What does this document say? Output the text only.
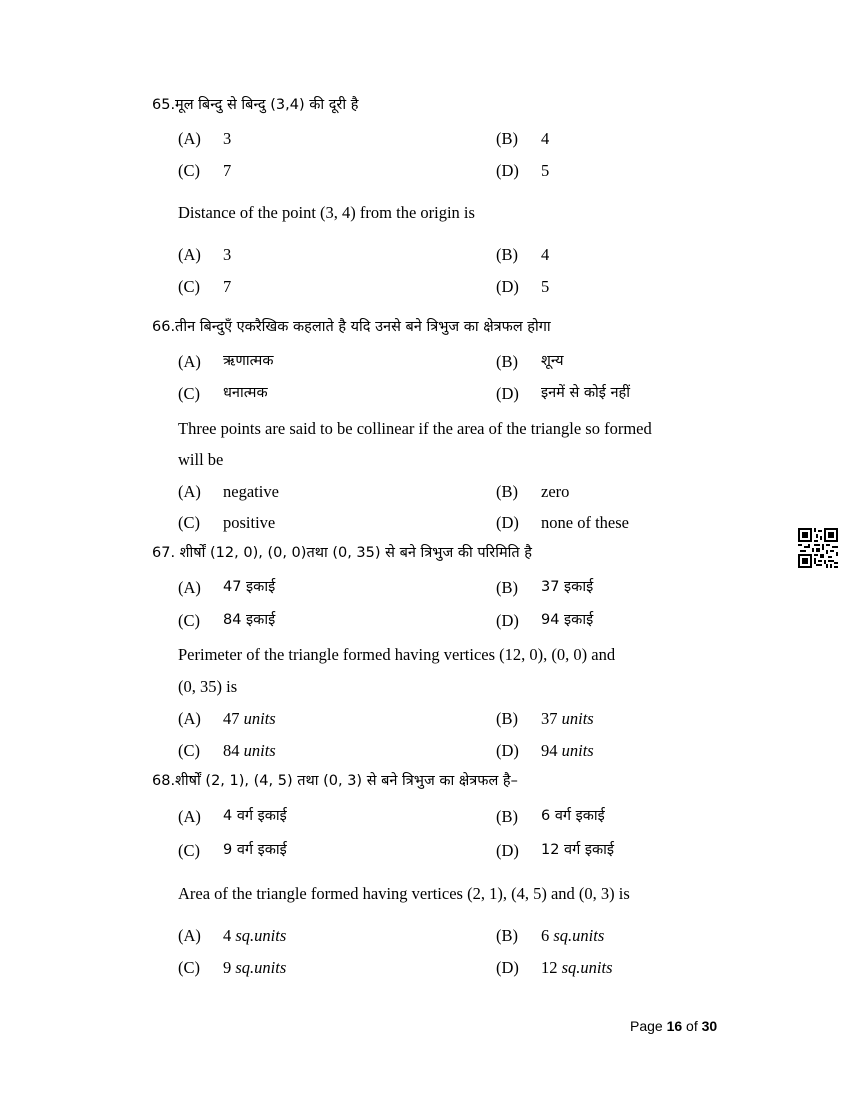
65.मूल बिन्दु से बिन्दु (3,4) की दूरी है
(A) 3	(B) 4
(C) 7	(D) 5
Distance of the point (3, 4) from the origin is
(A) 3	(B) 4
(C) 7	(D) 5
66.तीन बिन्दुएँ एकरैखिक कहलाते है यदि उनसे बने त्रिभुज का क्षेत्रफल होगा
(A) ऋणात्मक	(B) शून्य
(C) धनात्मक	(D) इनमें से कोई नहीं
Three points are said to be collinear if the area of the triangle so formed
will be
(A) negative	(B) zero
(C) positive	(D) none of these
67. शीर्षों (12, 0), (0, 0)तथा (0, 35) से बने त्रिभुज की परिमिति है
(A) 47 इकाई	(B) 37 इकाई
(C) 84 इकाई	(D) 94 इकाई
Perimeter of the triangle formed having vertices (12, 0), (0, 0) and
(0, 35) is
(A) 47 units	(B) 37 units
(C) 84 units	(D) 94 units
68.शीर्षों (2, 1), (4, 5) तथा (0, 3) से बने त्रिभुज का क्षेत्रफल है–
(A) 4 वर्ग इकाई	(B) 6 वर्ग इकाई
(C) 9 वर्ग इकाई	(D) 12 वर्ग इकाई
Area of the triangle formed having vertices (2, 1), (4, 5) and (0, 3) is
(A) 4 sq.units	(B) 6 sq.units
(C) 9 sq.units	(D) 12 sq.units
Page 16 of 30
